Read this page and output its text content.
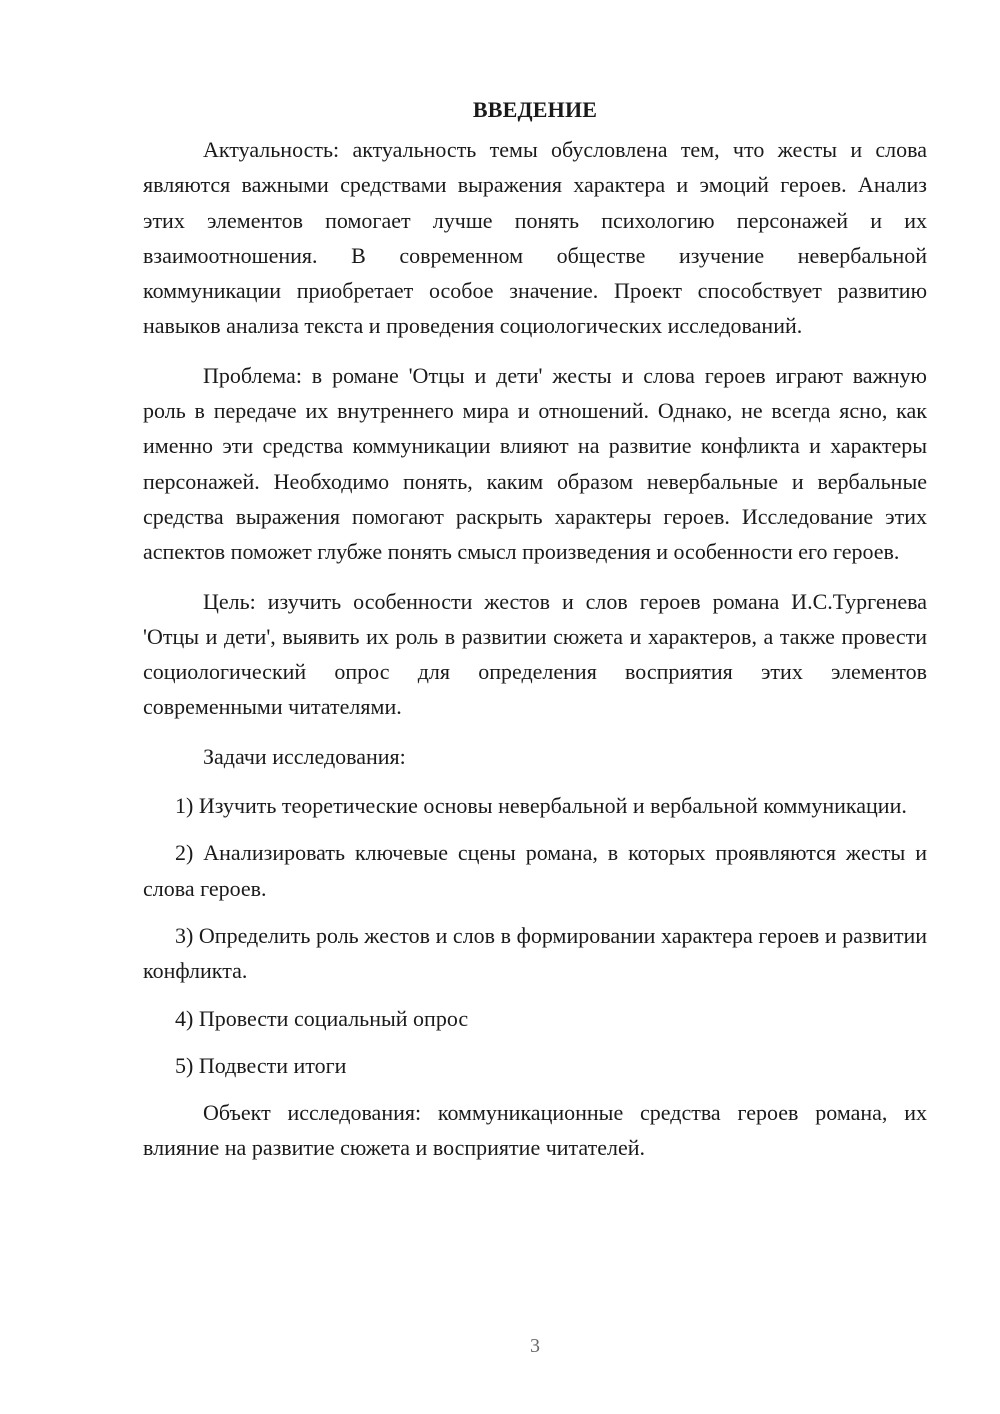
ВВЕДЕНИЕ

Актуальность: актуальность темы обусловлена тем, что жесты и слова являются важными средствами выражения характера и эмоций героев. Анализ этих элементов помогает лучше понять психологию персонажей и их взаимоотношения. В современном обществе изучение невербальной коммуникации приобретает особое значение. Проект способствует развитию навыков анализа текста и проведения социологических исследований.

Проблема: в романе 'Отцы и дети' жесты и слова героев играют важную роль в передаче их внутреннего мира и отношений. Однако, не всегда ясно, как именно эти средства коммуникации влияют на развитие конфликта и характеры персонажей. Необходимо понять, каким образом невербальные и вербальные средства выражения помогают раскрыть характеры героев. Исследование этих аспектов поможет глубже понять смысл произведения и особенности его героев.

Цель: изучить особенности жестов и слов героев романа И.С.Тургенева 'Отцы и дети', выявить их роль в развитии сюжета и характеров, а также провести социологический опрос для определения восприятия этих элементов современными читателями.

Задачи исследования:

1) Изучить теоретические основы невербальной и вербальной коммуникации.

2) Анализировать ключевые сцены романа, в которых проявляются жесты и слова героев.

3) Определить роль жестов и слов в формировании характера героев и развитии конфликта.

4) Провести социальный опрос

5) Подвести итоги

Объект исследования: коммуникационные средства героев романа, их влияние на развитие сюжета и восприятие читателей.

3
